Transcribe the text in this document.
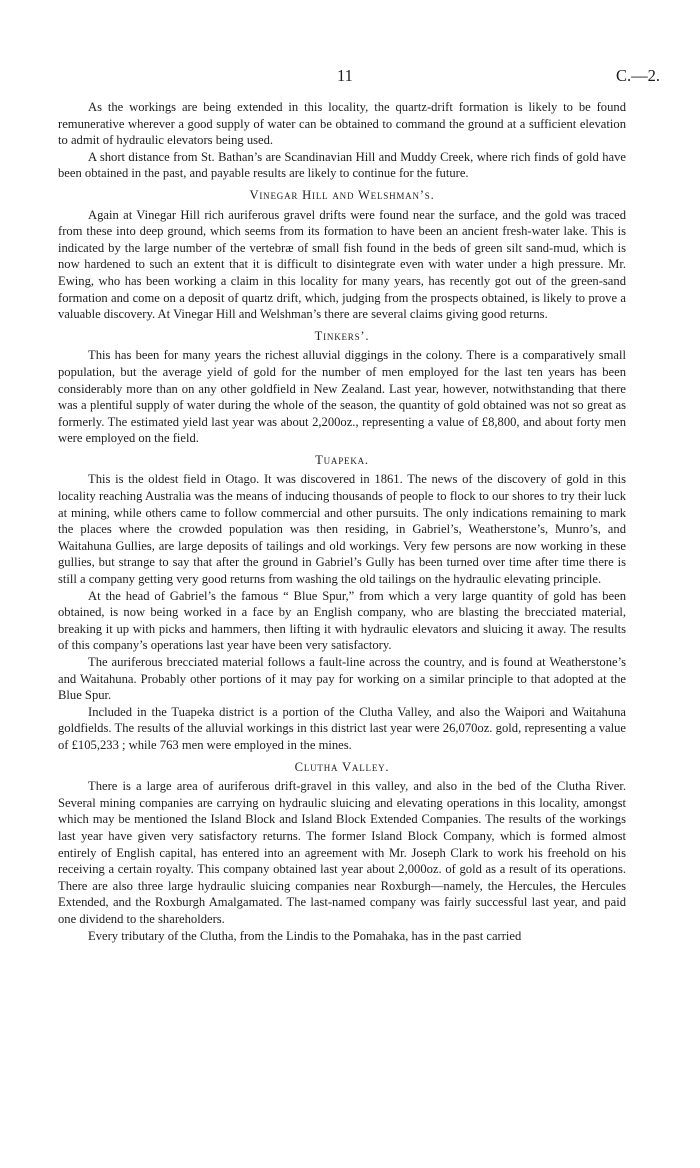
11	C.—2.

As the workings are being extended in this locality, the quartz-drift formation is likely to be found remunerative wherever a good supply of water can be obtained to command the ground at a sufficient elevation to admit of hydraulic elevators being used.

A short distance from St. Bathan’s are Scandinavian Hill and Muddy Creek, where rich finds of gold have been obtained in the past, and payable results are likely to continue for the future.

Vinegar Hill and Welshman’s.

Again at Vinegar Hill rich auriferous gravel drifts were found near the surface, and the gold was traced from these into deep ground, which seems from its formation to have been an ancient fresh-water lake. This is indicated by the large number of the vertebræ of small fish found in the beds of green silt sand-mud, which is now hardened to such an extent that it is difficult to disintegrate even with water under a high pressure. Mr. Ewing, who has been working a claim in this locality for many years, has recently got out of the green-sand formation and come on a deposit of quartz drift, which, judging from the prospects obtained, is likely to prove a valuable discovery. At Vinegar Hill and Welshman’s there are several claims giving good returns.

Tinkers’.

This has been for many years the richest alluvial diggings in the colony. There is a comparatively small population, but the average yield of gold for the number of men employed for the last ten years has been considerably more than on any other goldfield in New Zealand. Last year, however, notwithstanding that there was a plentiful supply of water during the whole of the season, the quantity of gold obtained was not so great as formerly. The estimated yield last year was about 2,200oz., representing a value of £8,800, and about forty men were employed on the field.

Tuapeka.

This is the oldest field in Otago. It was discovered in 1861. The news of the discovery of gold in this locality reaching Australia was the means of inducing thousands of people to flock to our shores to try their luck at mining, while others came to follow commercial and other pursuits. The only indications remaining to mark the places where the crowded population was then residing, in Gabriel’s, Weatherstone’s, Munro’s, and Waitahuna Gullies, are large deposits of tailings and old workings. Very few persons are now working in these gullies, but strange to say that after the ground in Gabriel’s Gully has been turned over time after time there is still a company getting very good returns from washing the old tailings on the hydraulic elevating principle.

At the head of Gabriel’s the famous “ Blue Spur,” from which a very large quantity of gold has been obtained, is now being worked in a face by an English company, who are blasting the brecciated material, breaking it up with picks and hammers, then lifting it with hydraulic elevators and sluicing it away. The results of this company’s operations last year have been very satisfactory.

The auriferous brecciated material follows a fault-line across the country, and is found at Weatherstone’s and Waitahuna. Probably other portions of it may pay for working on a similar principle to that adopted at the Blue Spur.

Included in the Tuapeka district is a portion of the Clutha Valley, and also the Waipori and Waitahuna goldfields. The results of the alluvial workings in this district last year were 26,070oz. gold, representing a value of £105,233 ; while 763 men were employed in the mines.

Clutha Valley.

There is a large area of auriferous drift-gravel in this valley, and also in the bed of the Clutha River. Several mining companies are carrying on hydraulic sluicing and elevating operations in this locality, amongst which may be mentioned the Island Block and Island Block Extended Companies. The results of the workings last year have given very satisfactory returns. The former Island Block Company, which is formed almost entirely of English capital, has entered into an agreement with Mr. Joseph Clark to work his freehold on his receiving a certain royalty. This company obtained last year about 2,000oz. of gold as a result of its operations. There are also three large hydraulic sluicing companies near Roxburgh—namely, the Hercules, the Hercules Extended, and the Roxburgh Amalgamated. The last-named company was fairly successful last year, and paid one dividend to the shareholders.

Every tributary of the Clutha, from the Lindis to the Pomahaka, has in the past carried
